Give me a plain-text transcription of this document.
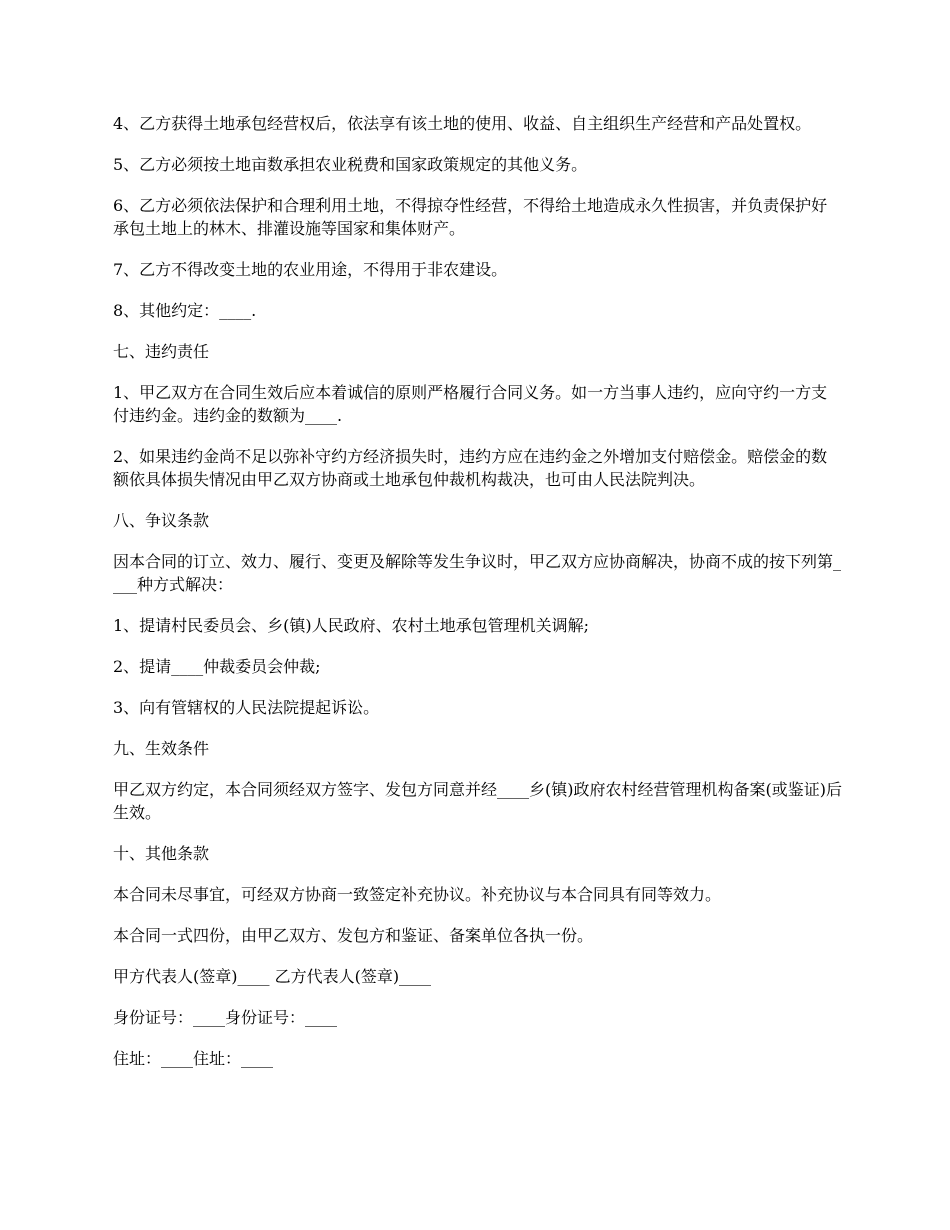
4、乙方获得土地承包经营权后，依法享有该土地的使用、收益、自主组织生产经营和产品处置权。

5、乙方必须按土地亩数承担农业税费和国家政策规定的其他义务。

6、乙方必须依法保护和合理利用土地，不得掠夺性经营，不得给土地造成永久性损害，并负责保护好承包土地上的林木、排灌设施等国家和集体财产。

7、乙方不得改变土地的农业用途，不得用于非农建设。

8、其他约定：____.

七、违约责任

1、甲乙双方在合同生效后应本着诚信的原则严格履行合同义务。如一方当事人违约，应向守约一方支付违约金。违约金的数额为____.

2、如果违约金尚不足以弥补守约方经济损失时，违约方应在违约金之外增加支付赔偿金。赔偿金的数额依具体损失情况由甲乙双方协商或土地承包仲裁机构裁决，也可由人民法院判决。

八、争议条款

因本合同的订立、效力、履行、变更及解除等发生争议时，甲乙双方应协商解决，协商不成的按下列第____种方式解决：

1、提请村民委员会、乡(镇)人民政府、农村土地承包管理机关调解;

2、提请____仲裁委员会仲裁;

3、向有管辖权的人民法院提起诉讼。

九、生效条件

甲乙双方约定，本合同须经双方签字、发包方同意并经____乡(镇)政府农村经营管理机构备案(或鉴证)后生效。

十、其他条款

本合同未尽事宜，可经双方协商一致签定补充协议。补充协议与本合同具有同等效力。

本合同一式四份，由甲乙双方、发包方和鉴证、备案单位各执一份。

甲方代表人(签章)____ 乙方代表人(签章)____

身份证号：____身份证号：____

住址：____住址：____
